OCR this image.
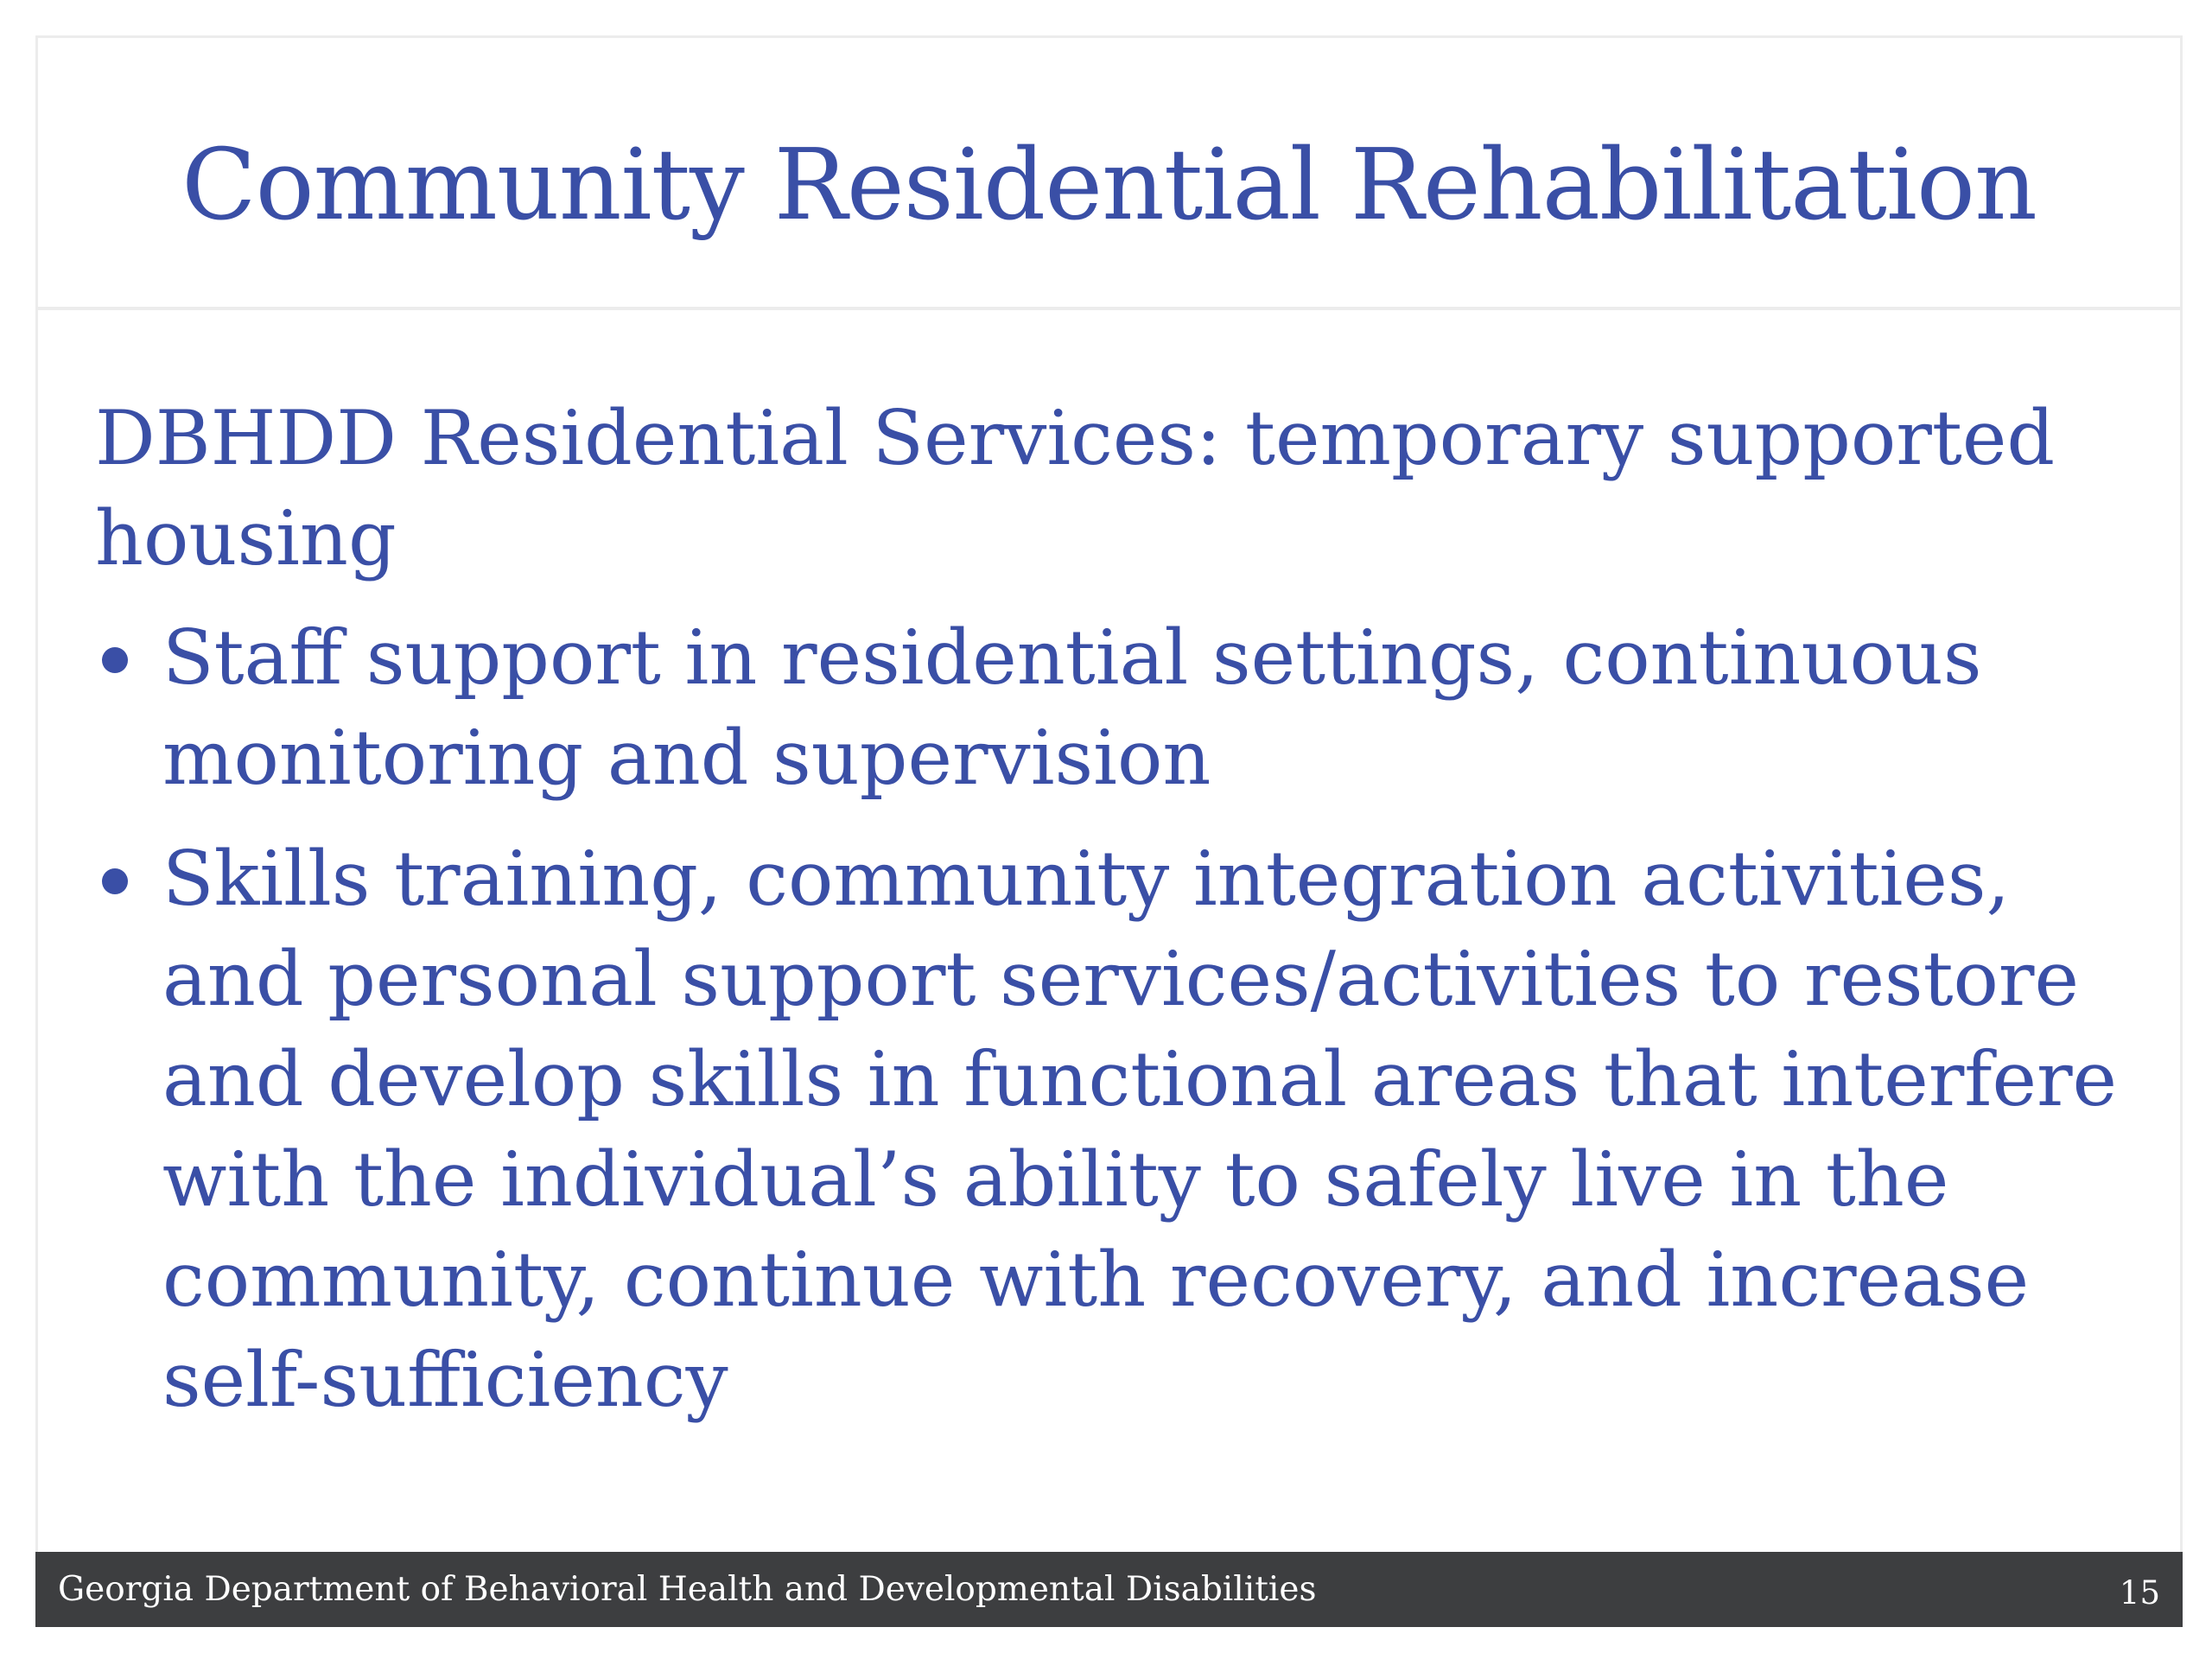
Community Residential Rehabilitation

DBHDD Residential Services: temporary supported housing

Staff support in residential settings, continuous monitoring and supervision
Skills training, community integration activities, and personal support services/activities to restore and develop skills in functional areas that interfere with the individual’s ability to safely live in the community, continue with recovery, and increase self-sufficiency
Georgia Department of Behavioral Health and Developmental Disabilities	15
